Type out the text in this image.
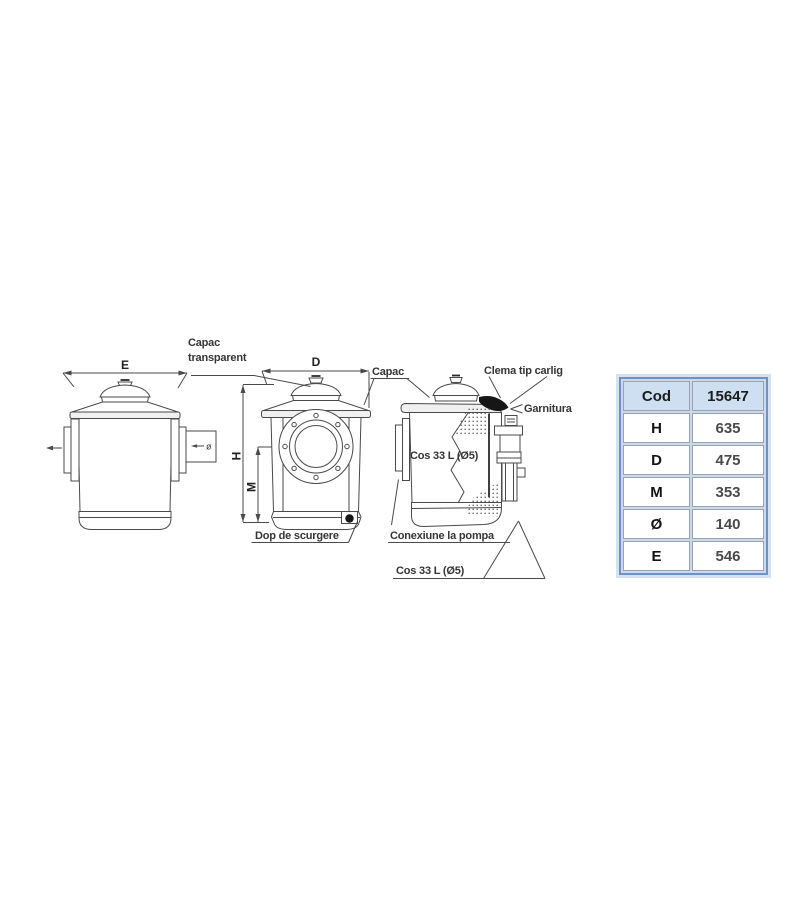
E
ø
D
H
M
Cos 33 L (Ø5)
Capac
transparent
Capac	Clema tip carlig
Garnitura
Dop de scurgere	Conexiune la pompa
Cos 33 L (Ø5)
Cod	15647
H	635
D	475
M	353
Ø	140
E	546
